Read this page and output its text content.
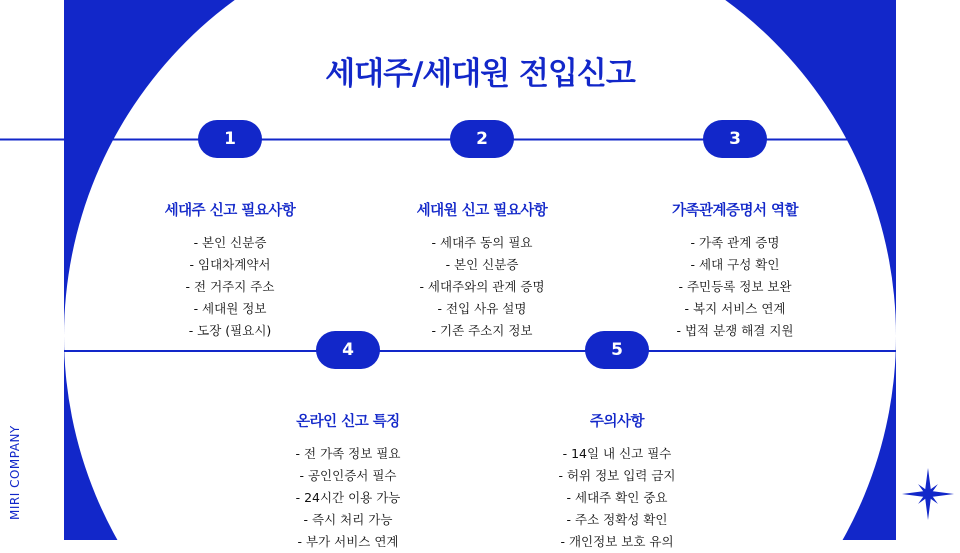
세대주/세대원 전입신고
1	2	3
4	5
세대주 신고 필요사항
- 본인 신분증
- 임대차계약서
- 전 거주지 주소
- 세대원 정보
- 도장 (필요시)
세대원 신고 필요사항
- 세대주 동의 필요
- 본인 신분증
- 세대주와의 관계 증명
- 전입 사유 설명
- 기존 주소지 정보
가족관계증명서 역할
- 가족 관계 증명
- 세대 구성 확인
- 주민등록 정보 보완
- 복지 서비스 연계
- 법적 분쟁 해결 지원
온라인 신고 특징
- 전 가족 정보 필요
- 공인인증서 필수
- 24시간 이용 가능
- 즉시 처리 가능
- 부가 서비스 연계
주의사항
- 14일 내 신고 필수
- 허위 정보 입력 금지
- 세대주 확인 중요
- 주소 정확성 확인
- 개인정보 보호 유의
MIRI COMPANY
